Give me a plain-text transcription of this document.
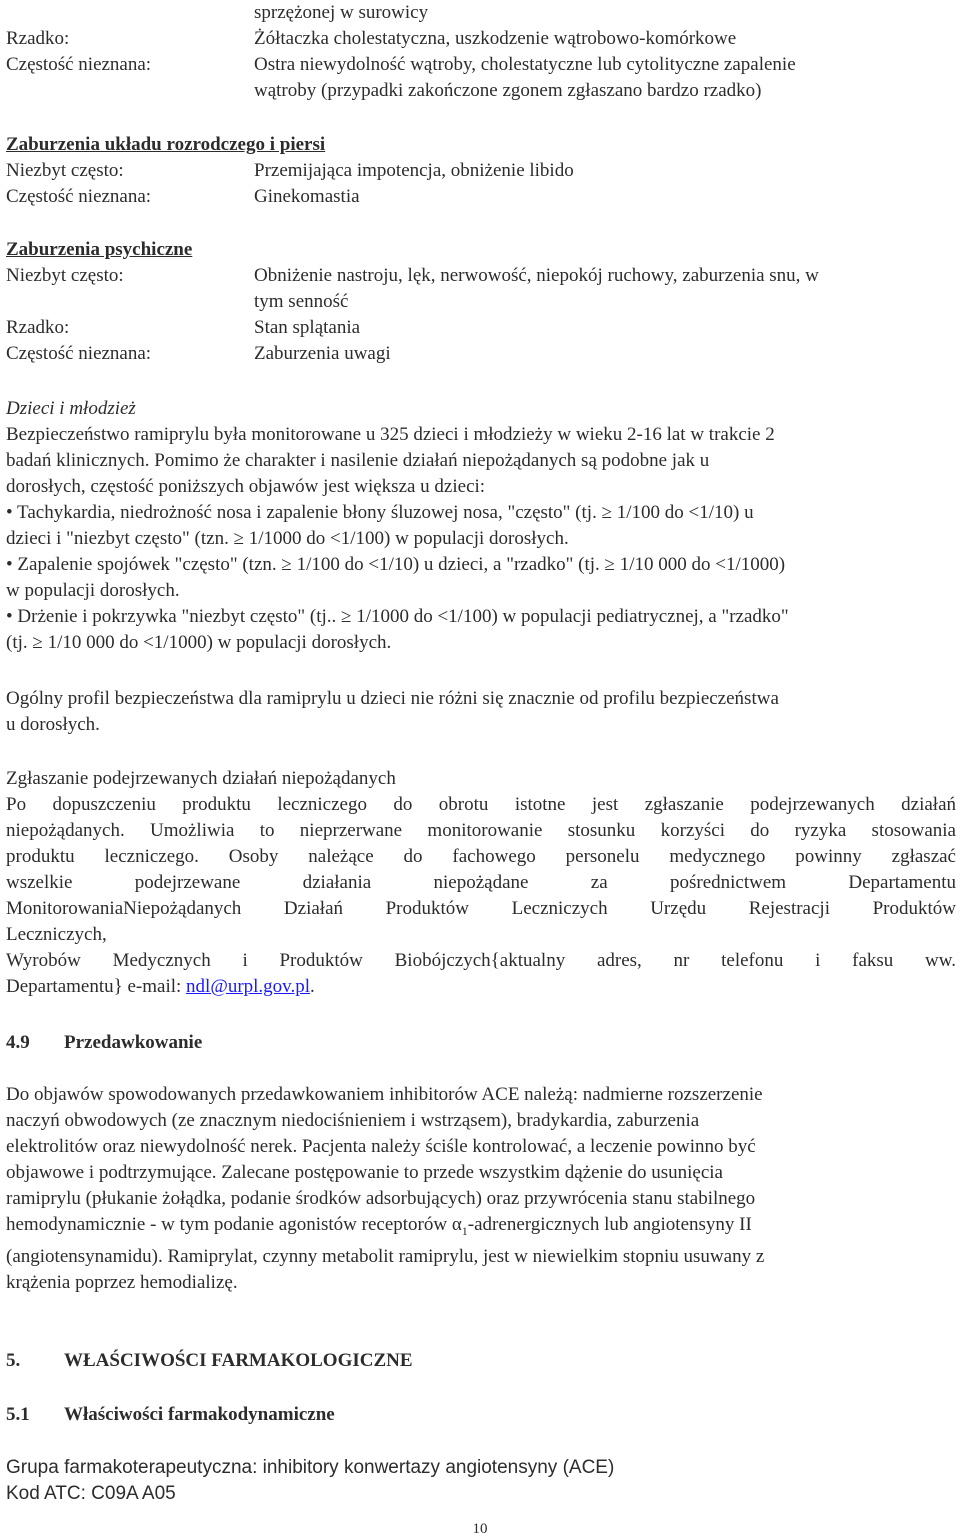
sprzężonej w surowicy
Rzadko:	Żółtaczka cholestatyczna, uszkodzenie wątrobowo-komórkowe
Częstość nieznana:	Ostra niewydolność wątroby, cholestatyczne lub cytolityczne zapalenie
wątroby (przypadki zakończone zgonem zgłaszano bardzo rzadko)
Zaburzenia układu rozrodczego i piersi
Niezbyt często:	Przemijająca impotencja, obniżenie libido
Częstość nieznana:	Ginekomastia
Zaburzenia psychiczne
Niezbyt często:	Obniżenie nastroju, lęk, nerwowość, niepokój ruchowy, zaburzenia snu, w
tym senność
Rzadko:	Stan splątania
Częstość nieznana:	Zaburzenia uwagi
Dzieci i młodzież
Bezpieczeństwo ramiprylu była monitorowane u 325 dzieci i młodzieży w wieku 2-16 lat w trakcie 2
badań klinicznych. Pomimo że charakter i nasilenie działań niepożądanych są podobne jak u
dorosłych, częstość poniższych objawów jest większa u dzieci:
• Tachykardia, niedrożność nosa i zapalenie błony śluzowej nosa, "często" (tj. ≥ 1/100 do <1/10) u
dzieci i "niezbyt często" (tzn. ≥ 1/1000 do <1/100) w populacji dorosłych.
• Zapalenie spojówek "często" (tzn. ≥ 1/100 do <1/10) u dzieci, a "rzadko" (tj. ≥ 1/10 000 do <1/1000)
w populacji dorosłych.
• Drżenie i pokrzywka "niezbyt często" (tj.. ≥ 1/1000 do <1/100) w populacji pediatrycznej, a "rzadko"
(tj. ≥ 1/10 000 do <1/1000) w populacji dorosłych.
Ogólny profil bezpieczeństwa dla ramiprylu u dzieci nie różni się znacznie od profilu bezpieczeństwa
u dorosłych.
Zgłaszanie podejrzewanych działań niepożądanych
Po dopuszczeniu produktu leczniczego do obrotu istotne jest zgłaszanie podejrzewanych działań
niepożądanych. Umożliwia to nieprzerwane monitorowanie stosunku korzyści do ryzyka stosowania
produktu leczniczego. Osoby należące do fachowego personelu medycznego powinny zgłaszać
wszelkie podejrzewane działania niepożądane za pośrednictwem Departamentu
MonitorowaniaNiepożądanych Działań Produktów Leczniczych Urzędu Rejestracji Produktów
Leczniczych,
Wyrobów Medycznych i Produktów Biobójczych{aktualny adres, nr telefonu i faksu ww.
Departamentu} e-mail: ndl@urpl.gov.pl.
4.9 Przedawkowanie
Do objawów spowodowanych przedawkowaniem inhibitorów ACE należą: nadmierne rozszerzenie
naczyń obwodowych (ze znacznym niedociśnieniem i wstrząsem), bradykardia, zaburzenia
elektrolitów oraz niewydolność nerek. Pacjenta należy ściśle kontrolować, a leczenie powinno być
objawowe i podtrzymujące. Zalecane postępowanie to przede wszystkim dążenie do usunięcia
ramiprylu (płukanie żołądka, podanie środków adsorbujących) oraz przywrócenia stanu stabilnego
hemodynamicznie - w tym podanie agonistów receptorów $\alpha_1$-adrenergicznych lub angiotensyny II
(angiotensynamidu). Ramiprylat, czynny metabolit ramiprylu, jest w niewielkim stopniu usuwany z
krążenia poprzez hemodializę.
5. WŁAŚCIWOŚCI FARMAKOLOGICZNE
5.1 Właściwości farmakodynamiczne
Grupa farmakoterapeutyczna: inhibitory konwertazy angiotensyny (ACE)
Kod ATC: C09A A05
10
